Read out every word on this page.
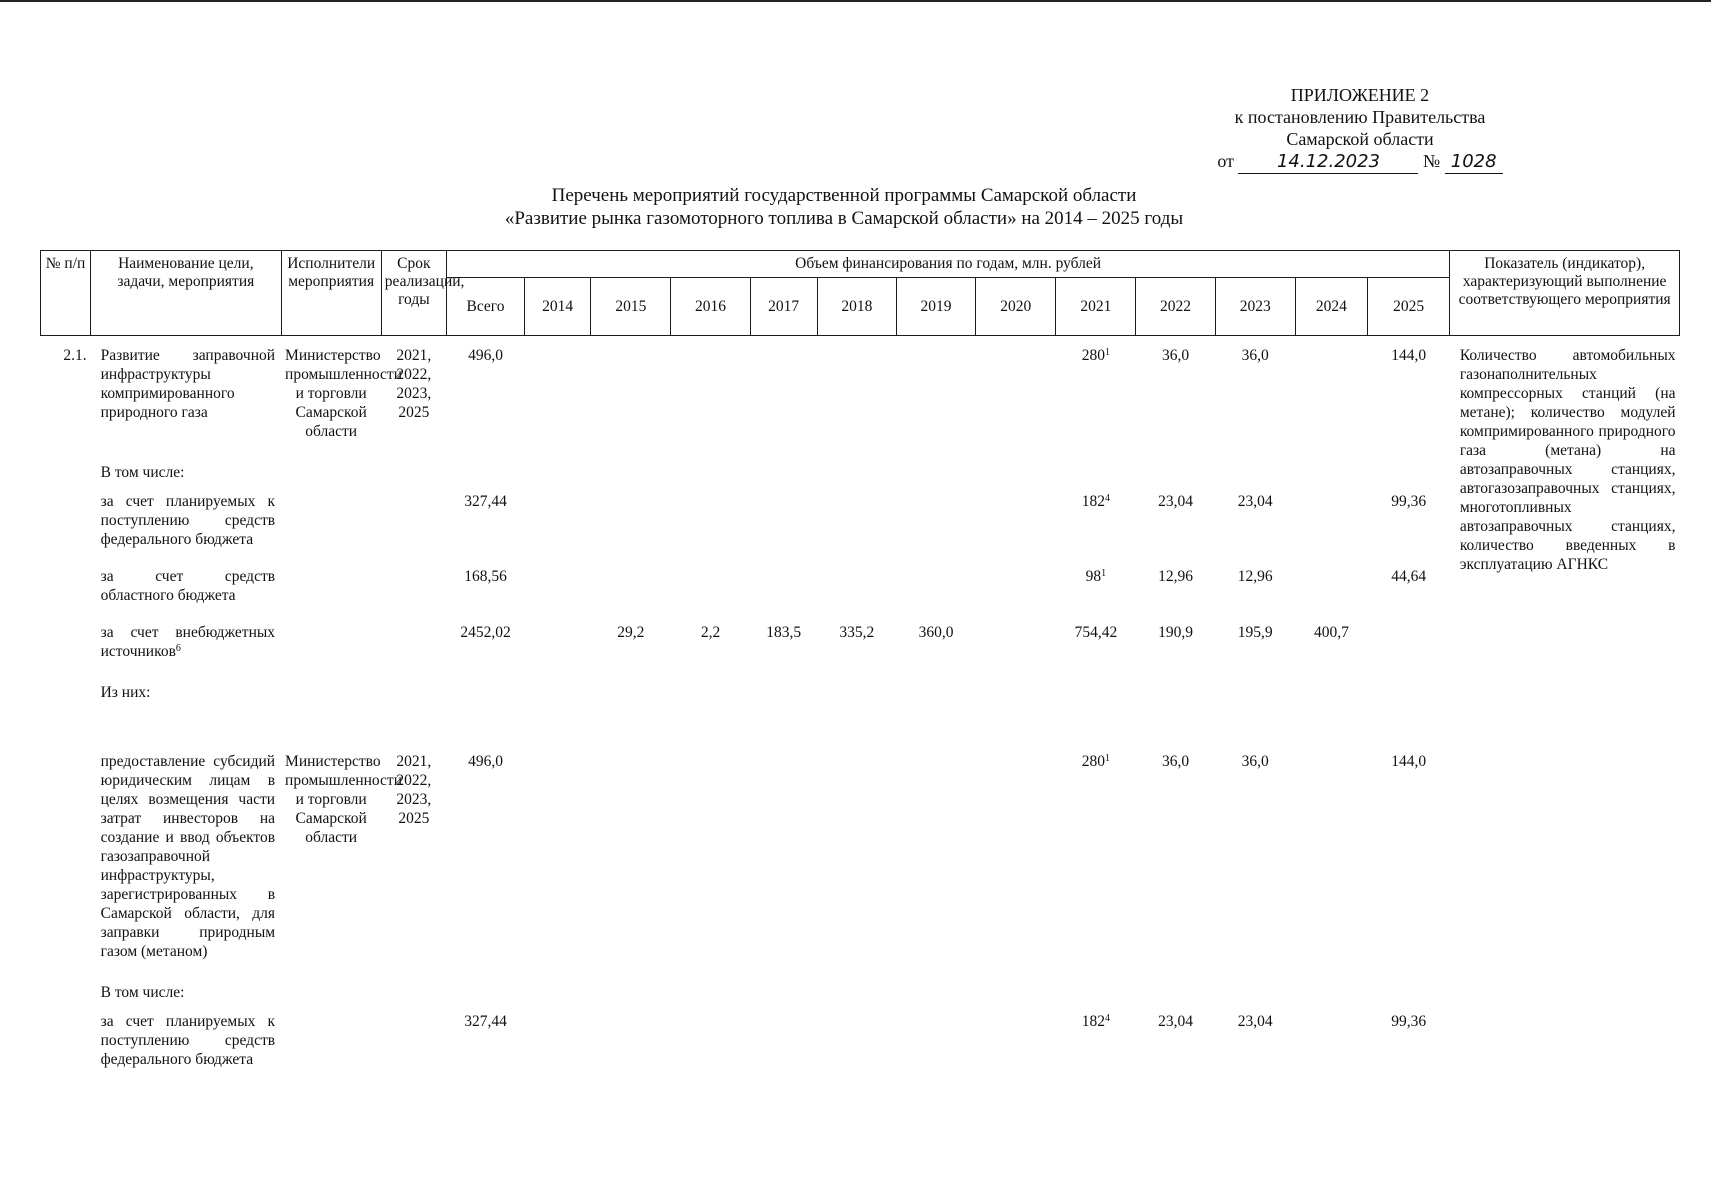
ПРИЛОЖЕНИЕ 2
к постановлению Правительства
Самарской области
от 14.12.2023 № 1028
Перечень мероприятий государственной программы Самарской области
«Развитие рынка газомоторного топлива в Самарской области» на 2014 – 2025 годы
№ п/п	Наименование цели, задачи, мероприятия	Исполнители мероприятия	Срок реализации, годы	Объем финансирования по годам, млн. рублей													Показатель (индикатор), характеризующий выполнение соответствующего мероприятия
				Всего	2014	2015	2016	2017	2018	2019	2020	2021	2022	2023	2024	2025	
2.1.	Развитие заправочной инфраструктуры компримированного природного газа	Министерство промышленности и торговли Самарской области	2021, 2022, 2023, 2025	496,0								$280^1$	36,0	36,0		144,0	Количество автомобильных газонаполнительных компрессорных станций (на метане); количество модулей компримированного природного газа (метана) на автозаправочных станциях, автогазозаправочных станциях, многотопливных автозаправочных станциях, количество введенных в эксплуатацию АГНКС
	В том числе:																
	за счет планируемых к поступлению средств федерального бюджета			327,44								$182^4$	23,04	23,04		99,36	
	за счет средств областного бюджета			168,56								$98^1$	12,96	12,96		44,64	
	за счет внебюджетных источников$^6$			2452,02		29,2	2,2	183,5	335,2	360,0		754,42	190,9	195,9	400,7		
	Из них:																

	предоставление субсидий юридическим лицам в целях возмещения части затрат инвесторов на создание и ввод объектов газозаправочной инфраструктуры, зарегистрированных в Самарской области, для заправки природным газом (метаном)	Министерство промышленности и торговли Самарской области	2021, 2022, 2023, 2025	496,0								$280^1$	36,0	36,0		144,0	
	В том числе:																
	за счет планируемых к поступлению средств федерального бюджета			327,44								$182^4$	23,04	23,04		99,36	
